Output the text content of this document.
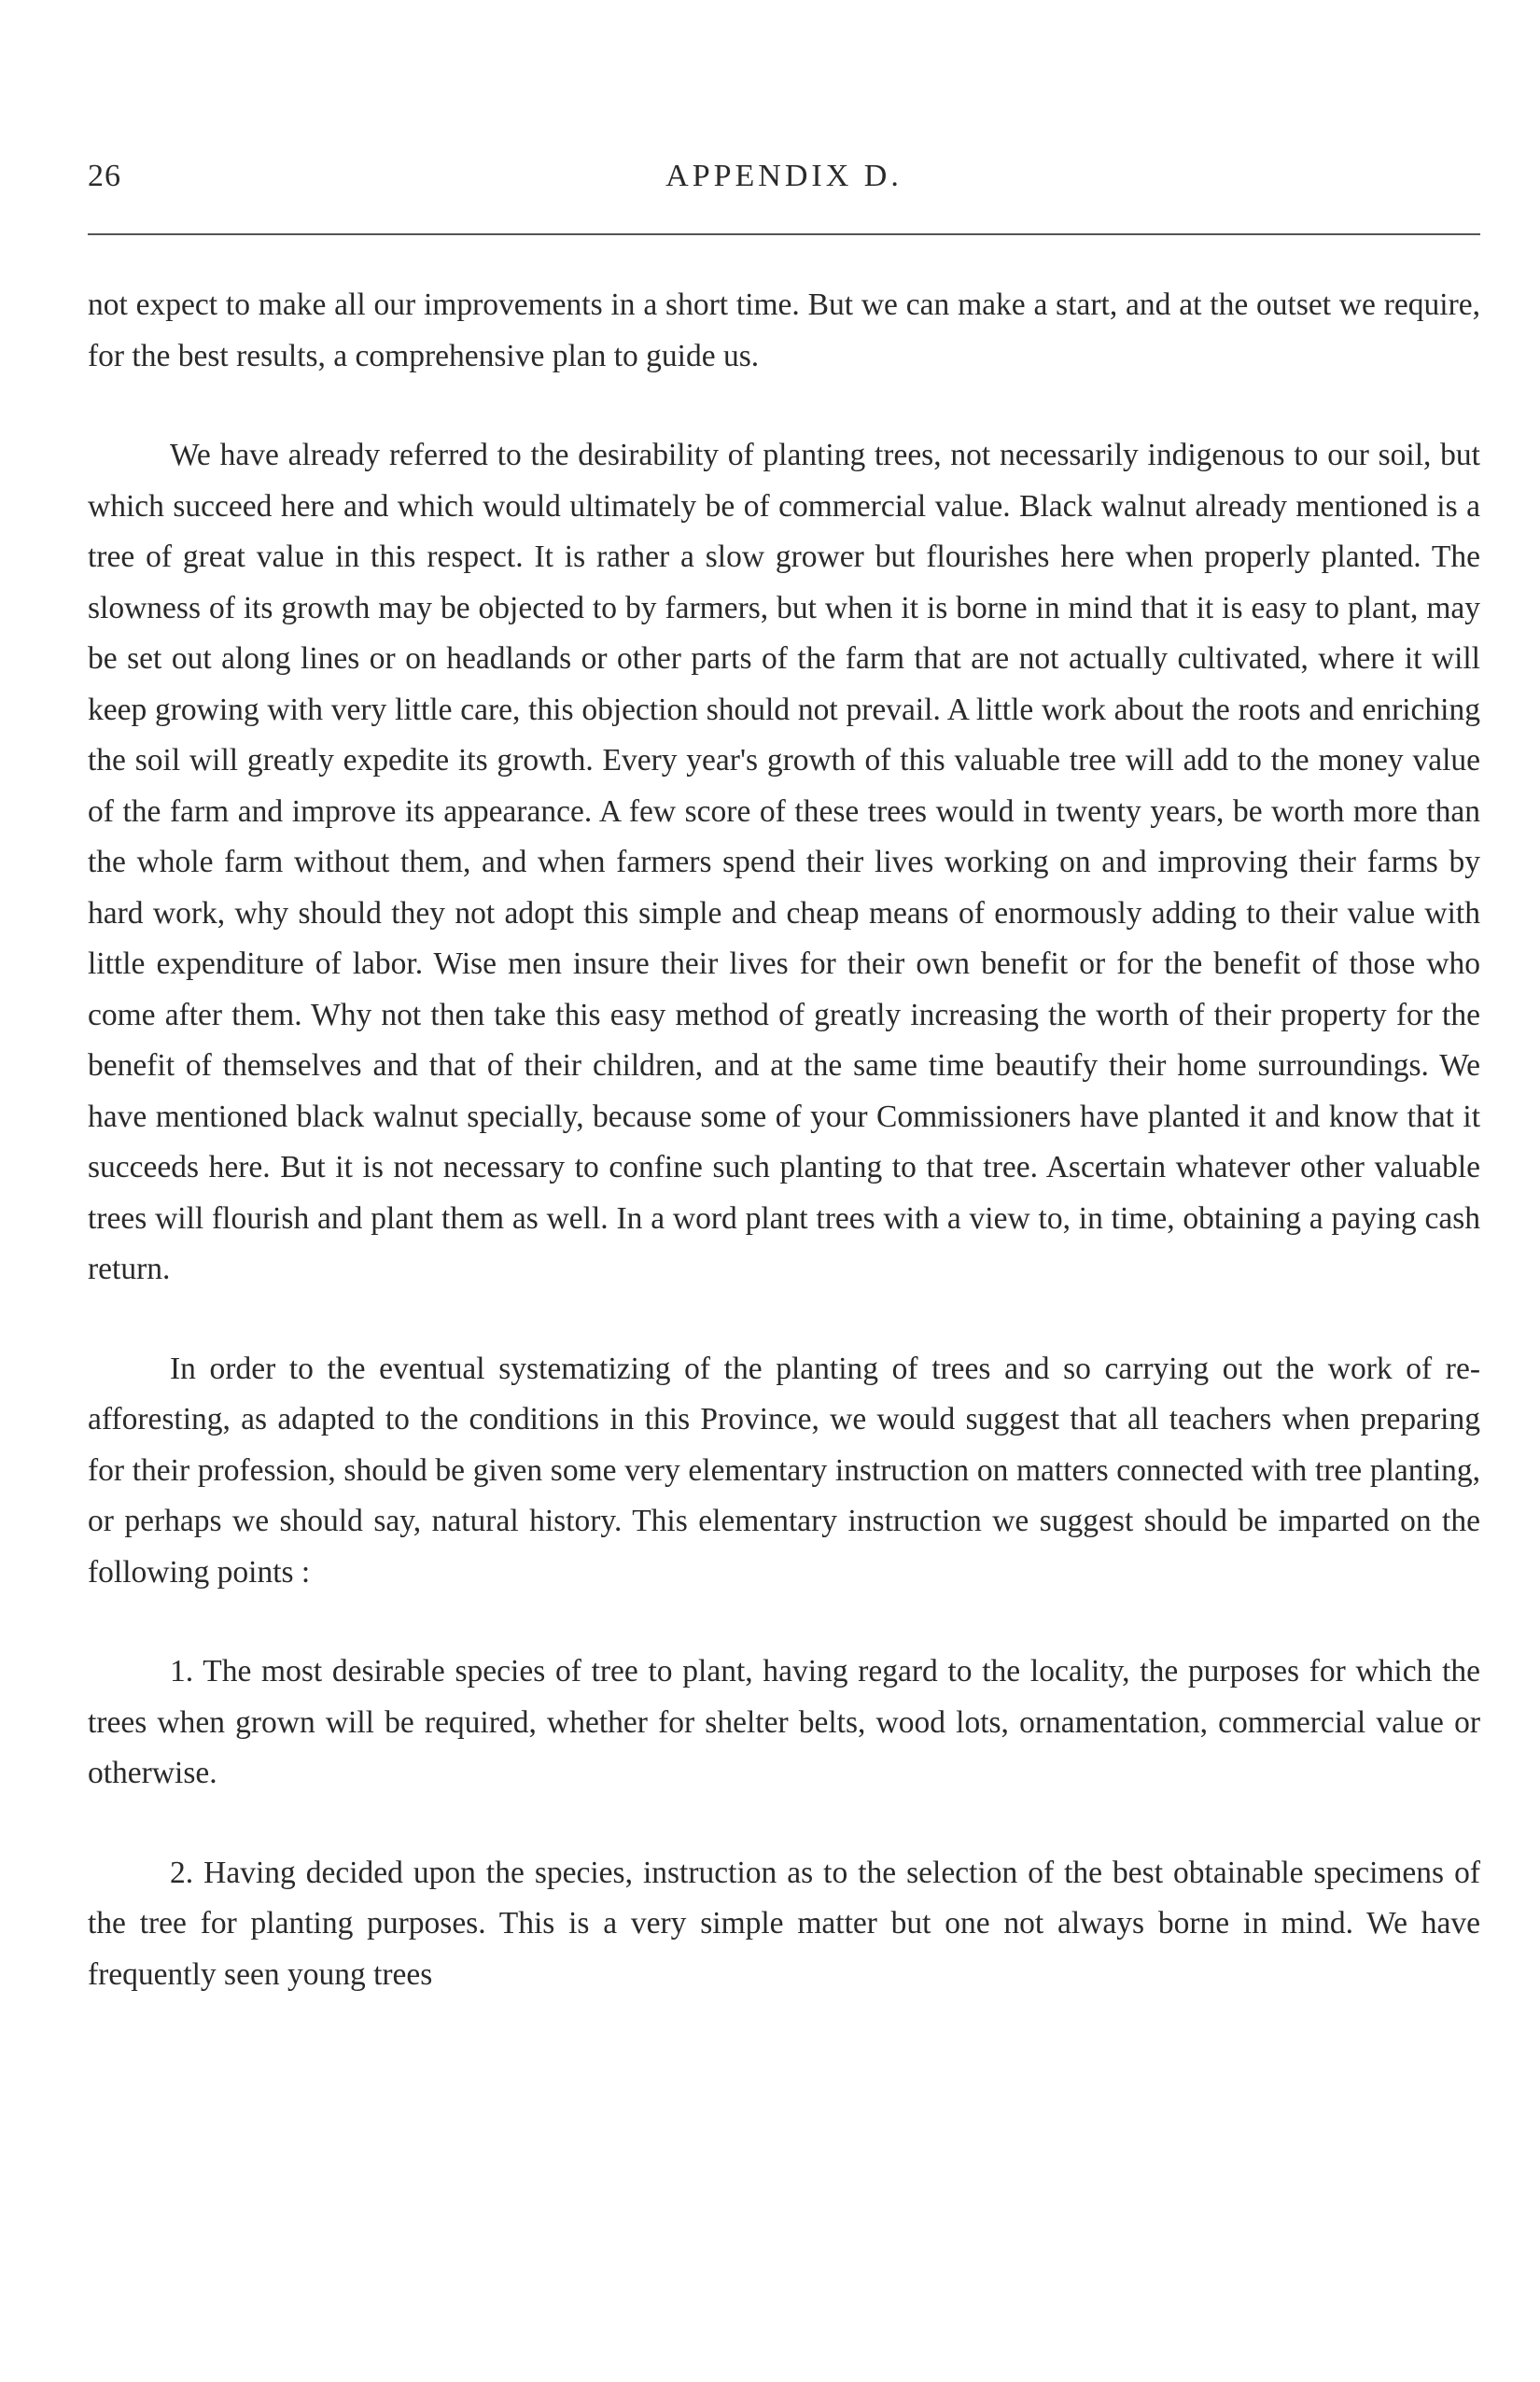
26	APPENDIX D.

not expect to make all our improvements in a short time. But we can make a start, and at the outset we require, for the best results, a comprehensive plan to guide us.

We have already referred to the desirability of planting trees, not necessarily indigenous to our soil, but which succeed here and which would ultimately be of commercial value. Black walnut already mentioned is a tree of great value in this respect. It is rather a slow grower but flourishes here when properly planted. The slowness of its growth may be objected to by farmers, but when it is borne in mind that it is easy to plant, may be set out along lines or on headlands or other parts of the farm that are not actually cultivated, where it will keep growing with very little care, this objection should not prevail. A little work about the roots and enriching the soil will greatly expedite its growth. Every year's growth of this valuable tree will add to the money value of the farm and improve its appearance. A few score of these trees would in twenty years, be worth more than the whole farm without them, and when farmers spend their lives working on and improving their farms by hard work, why should they not adopt this simple and cheap means of enormously adding to their value with little expenditure of labor. Wise men insure their lives for their own benefit or for the benefit of those who come after them. Why not then take this easy method of greatly increasing the worth of their property for the benefit of themselves and that of their children, and at the same time beautify their home surroundings. We have mentioned black walnut specially, because some of your Commissioners have planted it and know that it succeeds here. But it is not necessary to confine such planting to that tree. Ascertain whatever other valuable trees will flourish and plant them as well. In a word plant trees with a view to, in time, obtaining a paying cash return.

In order to the eventual systematizing of the planting of trees and so carrying out the work of re-afforesting, as adapted to the conditions in this Province, we would suggest that all teachers when preparing for their profession, should be given some very elementary instruction on matters connected with tree planting, or perhaps we should say, natural history. This elementary instruction we suggest should be imparted on the following points :

1. The most desirable species of tree to plant, having regard to the locality, the purposes for which the trees when grown will be required, whether for shelter belts, wood lots, ornamentation, commercial value or otherwise.

2. Having decided upon the species, instruction as to the selection of the best obtainable specimens of the tree for planting purposes. This is a very simple matter but one not always borne in mind. We have frequently seen young trees
